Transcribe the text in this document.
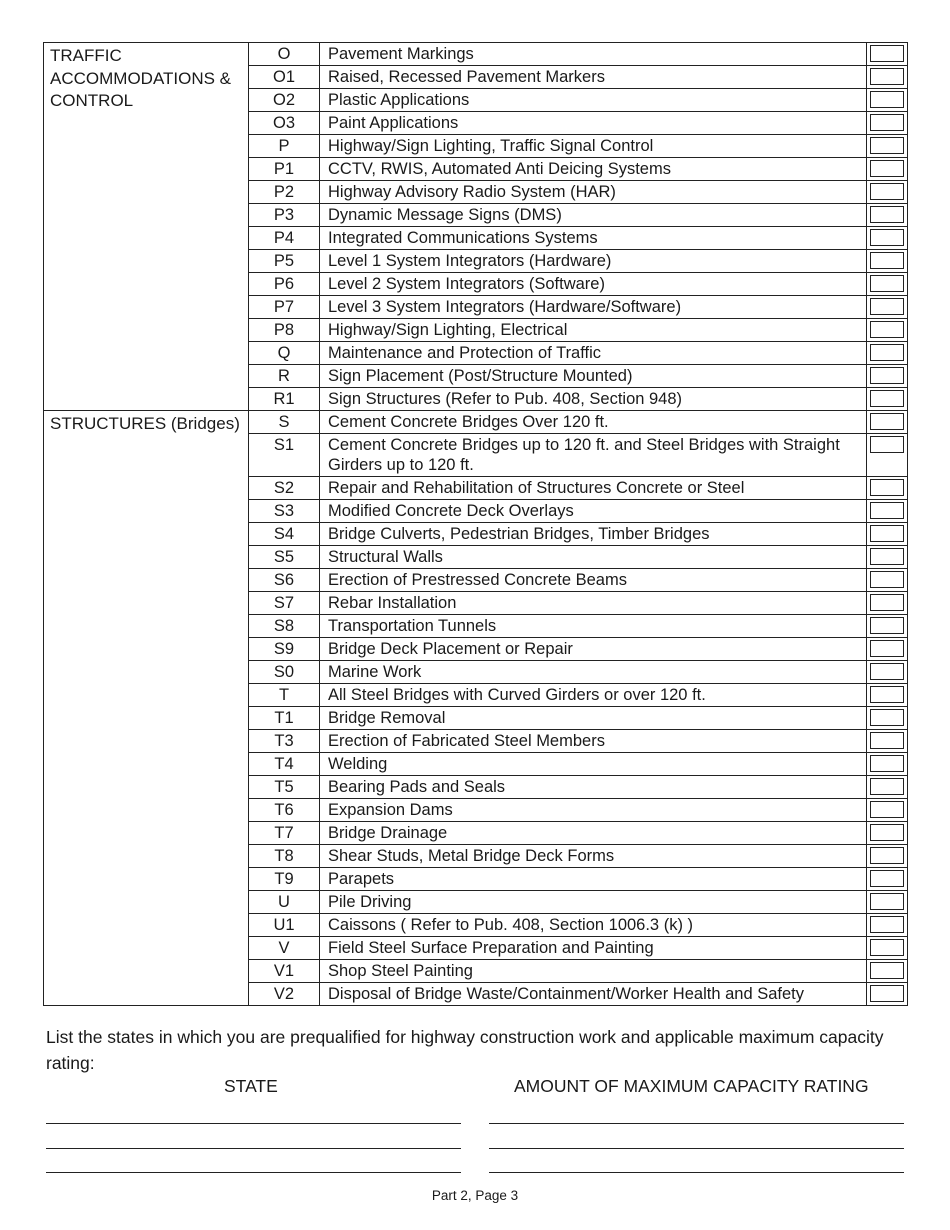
TRAFFIC ACCOMMODATIONS & CONTROL	O	Pavement Markings	

	O1	Raised, Recessed Pavement Markers	

	O2	Plastic Applications	

	O3	Paint Applications	

	P	Highway/Sign Lighting, Traffic Signal Control	

	P1	CCTV, RWIS, Automated Anti Deicing Systems	

	P2	Highway Advisory Radio System (HAR)	

	P3	Dynamic Message Signs (DMS)	

	P4	Integrated Communications Systems	

	P5	Level 1 System Integrators (Hardware)	

	P6	Level 2 System Integrators (Software)	

	P7	Level 3 System Integrators (Hardware/Software)	

	P8	Highway/Sign Lighting, Electrical	

	Q	Maintenance and Protection of Traffic	

	R	Sign Placement (Post/Structure Mounted)	

	R1	Sign Structures (Refer to Pub. 408, Section 948)	

STRUCTURES (Bridges)	S	Cement Concrete Bridges Over 120 ft.	

	S1	Cement Concrete Bridges up to 120 ft. and Steel Bridges with Straight Girders up to 120 ft.	

	S2	Repair and Rehabilitation of Structures Concrete or Steel	

	S3	Modified Concrete Deck Overlays	

	S4	Bridge Culverts, Pedestrian Bridges, Timber Bridges	

	S5	Structural Walls	

	S6	Erection of Prestressed Concrete Beams	

	S7	Rebar Installation	

	S8	Transportation Tunnels	

	S9	Bridge Deck Placement or Repair	

	S0	Marine Work	

	T	All Steel Bridges with Curved Girders or over 120 ft.	

	T1	Bridge Removal	

	T3	Erection of Fabricated Steel Members	

	T4	Welding	

	T5	Bearing Pads and Seals	

	T6	Expansion Dams	

	T7	Bridge Drainage	

	T8	Shear Studs, Metal Bridge Deck Forms	

	T9	Parapets	

	U	Pile Driving	

	U1	Caissons ( Refer to Pub. 408, Section 1006.3 (k) )	

	V	Field Steel Surface Preparation and Painting	

	V1	Shop Steel Painting	

	V2	Disposal of Bridge Waste/Containment/Worker Health and Safety	
List the states in which you are prequalified for highway construction work and applicable maximum capacity rating:
STATE	AMOUNT OF MAXIMUM CAPACITY RATING
Part 2, Page 3
